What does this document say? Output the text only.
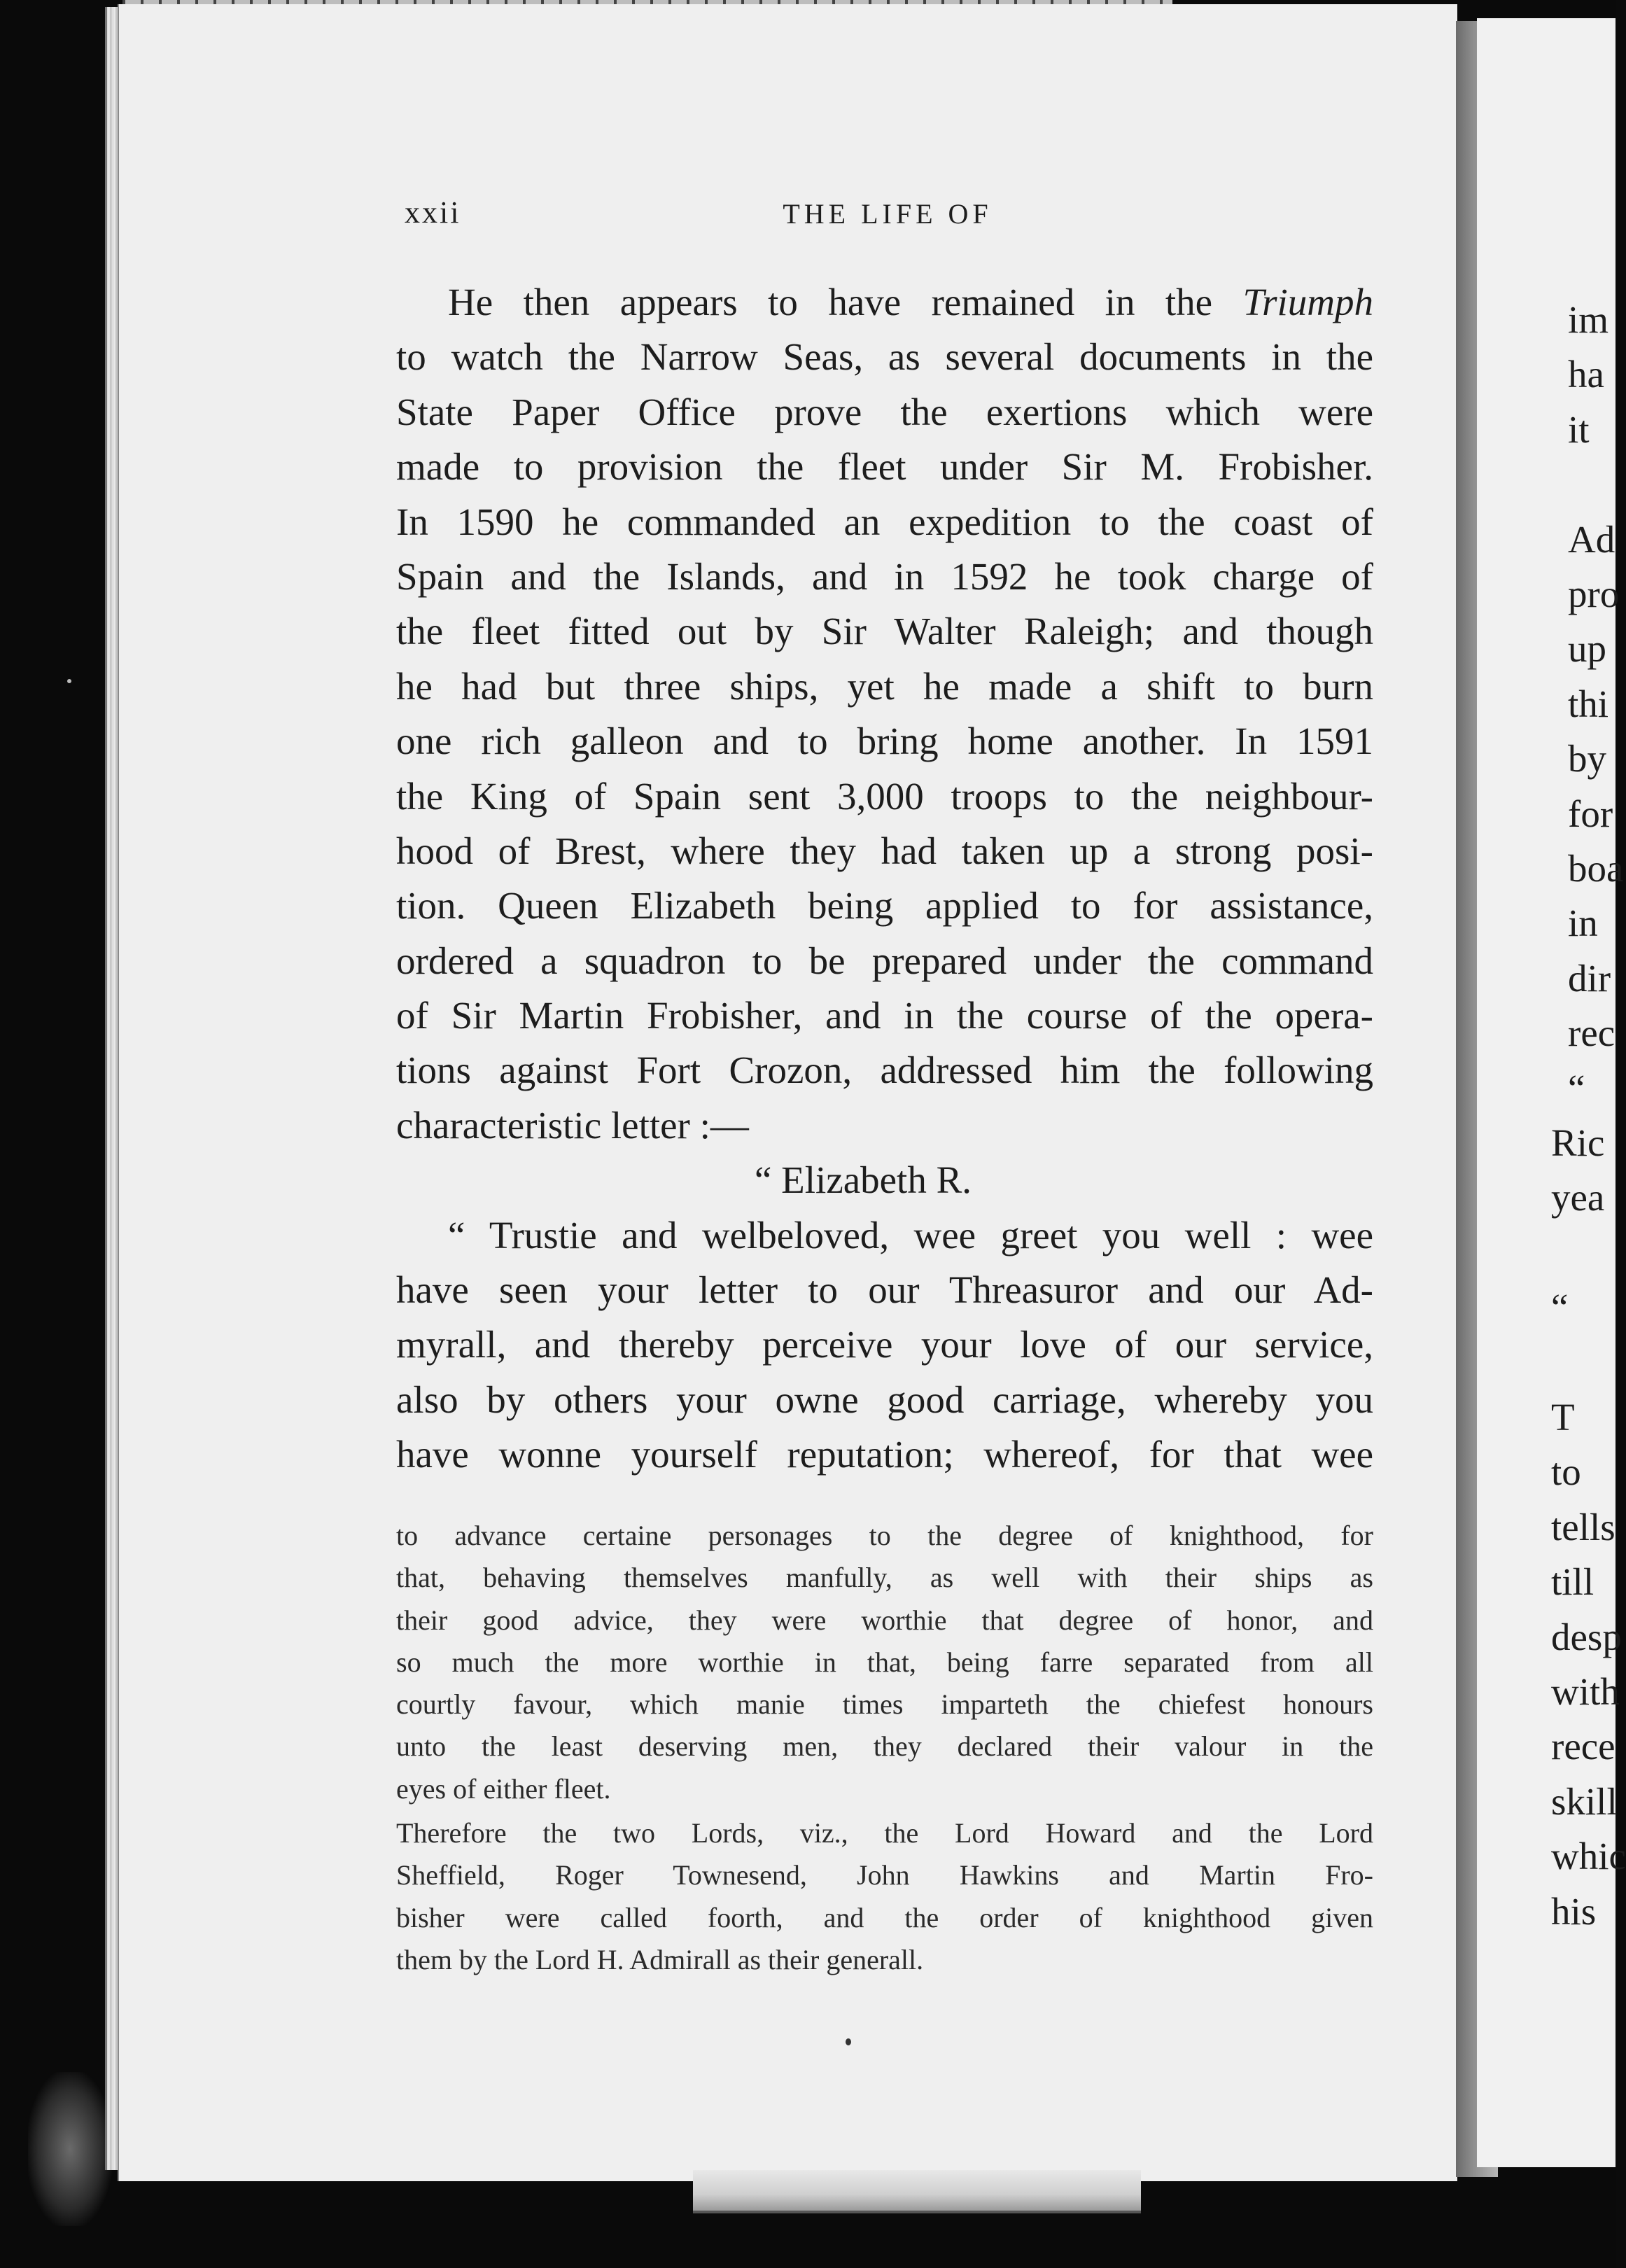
xxii	THE LIFE OF
He then appears to have remained in the Triumph
to watch the Narrow Seas, as several documents in the
State Paper Office prove the exertions which were
made to provision the fleet under Sir M. Frobisher.
In 1590 he commanded an expedition to the coast of
Spain and the Islands, and in 1592 he took charge of
the fleet fitted out by Sir Walter Raleigh; and though
he had but three ships, yet he made a shift to burn
one rich galleon and to bring home another. In 1591
the King of Spain sent 3,000 troops to the neighbour-
hood of Brest, where they had taken up a strong posi-
tion. Queen Elizabeth being applied to for assistance,
ordered a squadron to be prepared under the command
of Sir Martin Frobisher, and in the course of the opera-
tions against Fort Crozon, addressed him the following
characteristic letter :—
“ Elizabeth R.
“ Trustie and welbeloved, wee greet you well : wee
have seen your letter to our Threasuror and our Ad-
myrall, and thereby perceive your love of our service,
also by others your owne good carriage, whereby you
have wonne yourself reputation; whereof, for that wee
to advance certaine personages to the degree of knighthood, for
that, behaving themselves manfully, as well with their ships as
their good advice, they were worthie that degree of honor, and
so much the more worthie in that, being farre separated from all
courtly favour, which manie times imparteth the chiefest honours
unto the least deserving men, they declared their valour in the
eyes of either fleet.
Therefore the two Lords, viz., the Lord Howard and the Lord
Sheffield, Roger Townesend, John Hawkins and Martin Fro-
bisher were called foorth, and the order of knighthood given
them by the Lord H. Admirall as their generall.
im
ha
it
Ad
pro
up
thi
by
for
boa
in
dir
rec
“
Ric
yea
“
T
to
tells
till
desp
with
rece
skill
whic
his
